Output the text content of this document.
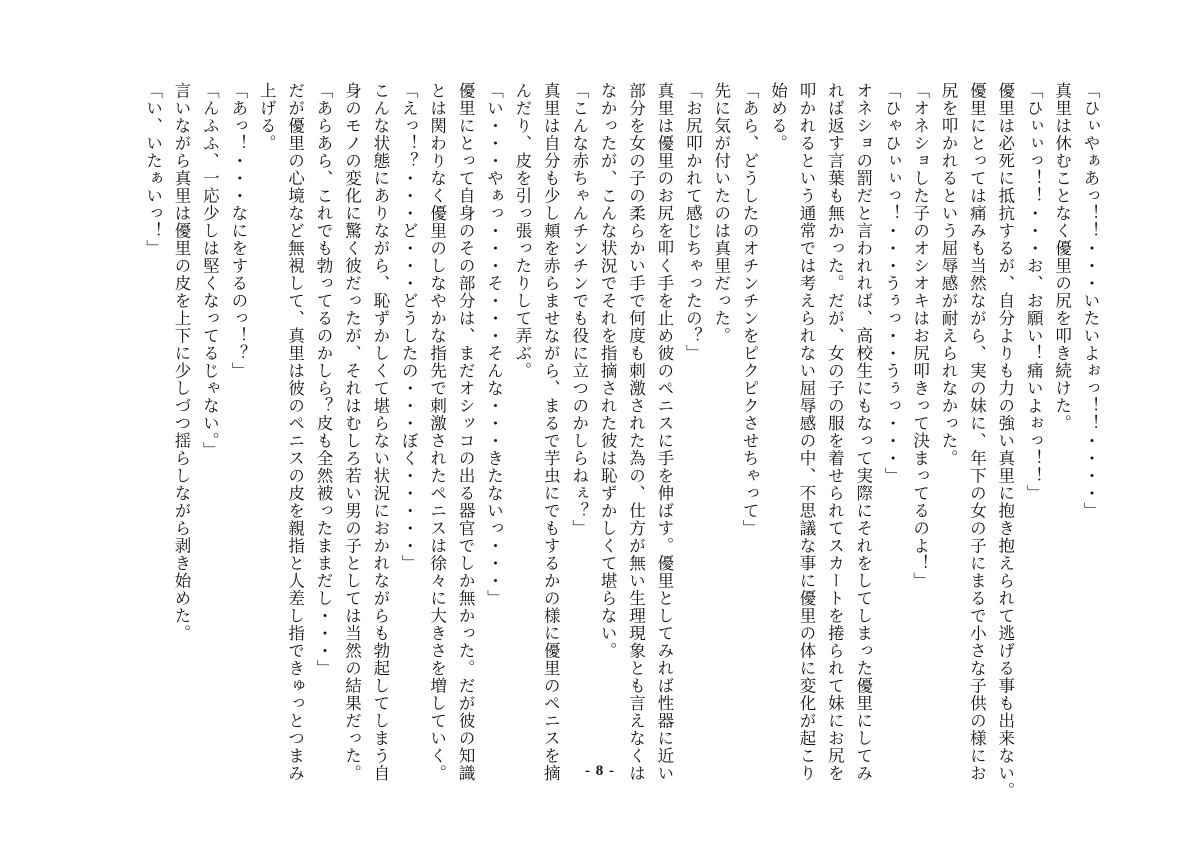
「ひぃやぁあっ！！・・・いたいよぉっ！！・・・・」
真里は休むことなく優里の尻を叩き続けた。
「ひぃぃっ！！・・・お、お願い！痛いよぉっ！！」
優里は必死に抵抗するが、自分よりも力の強い真里に抱き抱えられて逃げる事も出来ない。
優里にとっては痛みも当然ながら、実の妹に、年下の女の子にまるで小さな子供の様にお
尻を叩かれるという屈辱感が耐えられなかった。
「オネショした子のオシオキはお尻叩きって決まってるのよ！」
「ひゃひぃぃっ！・・・うぅっ・・うぅっ・・・」
オネショの罰だと言われれば、高校生にもなって実際にそれをしてしまった優里にしてみ
れば返す言葉も無かった。だが、女の子の服を着せられてスカートを捲られて妹にお尻を
叩かれるという通常では考えられない屈辱感の中、不思議な事に優里の体に変化が起こり
始める。
「あら、どうしたのオチンチンをピクピクさせちゃって」
先に気が付いたのは真里だった。
「お尻叩かれて感じちゃったの？」
真里は優里のお尻を叩く手を止め彼のペニスに手を伸ばす。優里としてみれば性器に近い
部分を女の子の柔らかい手で何度も刺激された為の、仕方が無い生理現象とも言えなくは
なかったが、こんな状況でそれを指摘された彼は恥ずかしくて堪らない。
「こんな赤ちゃんチンチンでも役に立つのかしらねぇ？」
真里は自分も少し頬を赤らませながら、まるで芋虫にでもするかの様に優里のペニスを摘
んだり、皮を引っ張ったりして弄ぶ。
「い・・・やぁっ・・・そ・・・そんな・・・きたないっ・・・」
優里にとって自身のその部分は、まだオシッコの出る器官でしか無かった。だが彼の知識
とは関わりなく優里のしなやかな指先で刺激されたペニスは徐々に大きさを増していく。
「えっ！？・・・ど・・・どうしたの・・・ぼく・・・・・」
こんな状態にありながら、恥ずかしくて堪らない状況におかれながらも勃起してしまう自
身のモノの変化に驚く彼だったが、それはむしろ若い男の子としては当然の結果だった。
「あらあら、これでも勃ってるのかしら？皮も全然被ったままだし・・・」
だが優里の心境など無視して、真里は彼のペニスの皮を親指と人差し指できゅっとつまみ
上げる。
「あっ！・・・なにをするのっ！？」
「んふふ、一応少しは堅くなってるじゃない。」
言いながら真里は優里の皮を上下に少しづつ揺らしながら剥き始めた。
「い、いたぁいっ！」
- 8 -
